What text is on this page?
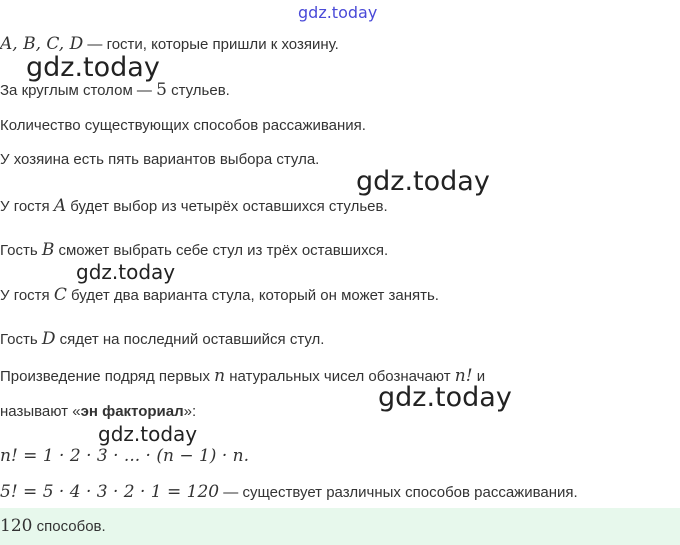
gdz.today
A, B, C, D — гости, которые пришли к хозяину.
За круглым столом — 5 стульев.
Количество существующих способов рассаживания.
У хозяина есть пять вариантов выбора стула.
У гостя A будет выбор из четырёх оставшихся стульев.
Гость B сможет выбрать себе стул из трёх оставшихся.
У гостя C будет два варианта стула, который он может занять.
Гость D сядет на последний оставшийся стул.
Произведение подряд первых n натуральных чисел обозначают n! и
называют «эн факториал»:
n! = 1 · 2 · 3 · ... · (n − 1) · n.
5! = 5 · 4 · 3 · 2 · 1 = 120 — существует различных способов рассаживания.
120 способов.
gdz.today
gdz.today
gdz.today
gdz.today
gdz.today
